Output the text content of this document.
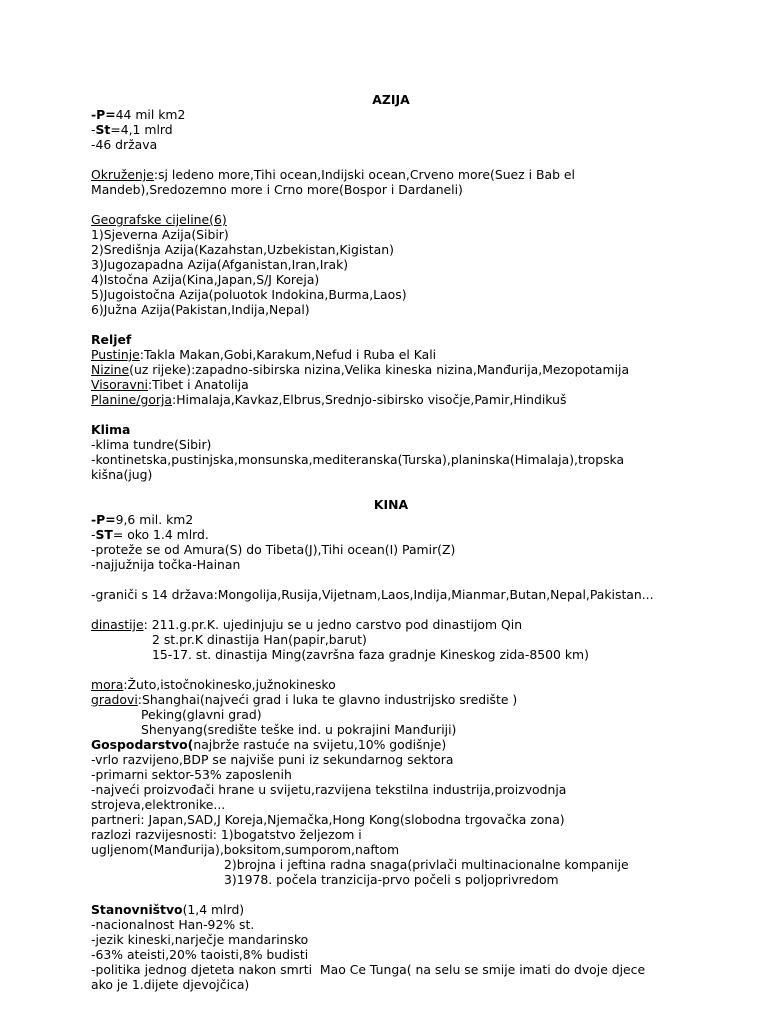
AZIJA
-P=44 mil km2
-St=4,1 mlrd
-46 država
Okruženje:sj ledeno more,Tihi ocean,Indijski ocean,Crveno more(Suez i Bab el
Mandeb),Sredozemno more i Crno more(Bospor i Dardaneli)
Geografske cijeline(6)
1)Sjeverna Azija(Sibir)
2)Središnja Azija(Kazahstan,Uzbekistan,Kigistan)
3)Jugozapadna Azija(Afganistan,Iran,Irak)
4)Istočna Azija(Kina,Japan,S/J Koreja)
5)Jugoistočna Azija(poluotok Indokina,Burma,Laos)
6)Južna Azija(Pakistan,Indija,Nepal)
Reljef
Pustinje:Takla Makan,Gobi,Karakum,Nefud i Ruba el Kali
Nizine(uz rijeke):zapadno-sibirska nizina,Velika kineska nizina,Manđurija,Mezopotamija
Visoravni:Tibet i Anatolija
Planine/gorja:Himalaja,Kavkaz,Elbrus,Srednjo-sibirsko visočje,Pamir,Hindikuš
Klima
-klima tundre(Sibir)
-kontinetska,pustinjska,monsunska,mediteranska(Turska),planinska(Himalaja),tropska
kišna(jug)
KINA
-P=9,6 mil. km2
-ST= oko 1.4 mlrd.
-proteže se od Amura(S) do Tibeta(J),Tihi ocean(I) Pamir(Z)
-najjužnija točka-Hainan
-graniči s 14 država:Mongolija,Rusija,Vijetnam,Laos,Indija,Mianmar,Butan,Nepal,Pakistan...
dinastije: 211.g.pr.K. ujedinjuju se u jedno carstvo pod dinastijom Qin
2 st.pr.K dinastija Han(papir,barut)
15-17. st. dinastija Ming(završna faza gradnje Kineskog zida-8500 km)
mora:Žuto,istočnokinesko,južnokinesko
gradovi:Shanghai(najveći grad i luka te glavno industrijsko središte )
Peking(glavni grad)
Shenyang(središte teške ind. u pokrajini Manđuriji)
Gospodarstvo(najbrže rastuće na svijetu,10% godišnje)
-vrlo razvijeno,BDP se najviše puni iz sekundarnog sektora
-primarni sektor-53% zaposlenih
-najveći proizvođači hrane u svijetu,razvijena tekstilna industrija,proizvodnja
strojeva,elektronike...
partneri: Japan,SAD,J Koreja,Njemačka,Hong Kong(slobodna trgovačka zona)
razlozi razvijesnosti: 1)bogatstvo željezom i
ugljenom(Manđurija),boksitom,sumporom,naftom
2)brojna i jeftina radna snaga(privlači multinacionalne kompanije
3)1978. počela tranzicija-prvo počeli s poljoprivredom
Stanovništvo(1,4 mlrd)
-nacionalnost Han-92% st.
-jezik kineski,narječje mandarinsko
-63% ateisti,20% taoisti,8% budisti
-politika jednog djeteta nakon smrti  Mao Ce Tunga( na selu se smije imati do dvoje djece
ako je 1.dijete djevojčica)
